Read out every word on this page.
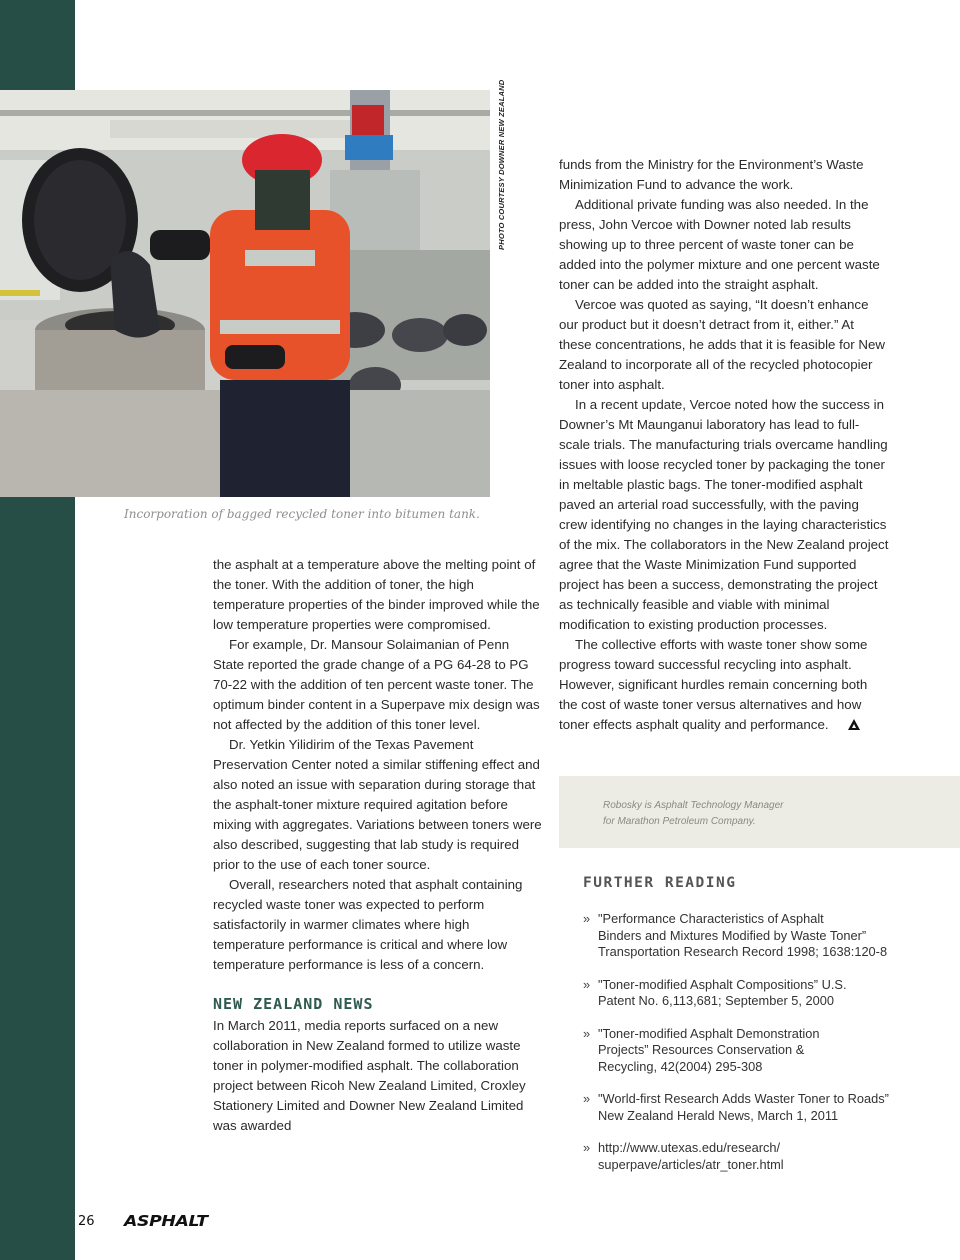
PHOTO COURTESY DOWNER NEW ZEALAND
Incorporation of bagged recycled toner into bitumen tank.

the asphalt at a temperature above the melting point of the toner. With the addition of toner, the high temperature properties of the binder improved while the low temperature properties were compromised.

For example, Dr. Mansour Solaimanian of Penn State reported the grade change of a PG 64-28 to PG 70-22 with the addition of ten percent waste toner. The optimum binder content in a Superpave mix design was not affected by the addition of this toner level.

Dr. Yetkin Yilidirim of the Texas Pavement Preservation Center noted a similar stiffening effect and also noted an issue with separation during storage that the asphalt-toner mixture required agitation before mixing with aggregates. Variations between toners were also described, suggesting that lab study is required prior to the use of each toner source.

Overall, researchers noted that asphalt containing recycled waste toner was expected to perform satisfactorily in warmer climates where high temperature performance is critical and where low temperature performance is less of a concern.

NEW ZEALAND NEWS

In March 2011, media reports surfaced on a new collaboration in New Zealand formed to utilize waste toner in polymer-modified asphalt. The collaboration project between Ricoh New Zealand Limited, Croxley Stationery Limited and Downer New Zealand Limited was awarded

funds from the Ministry for the Environment’s Waste Minimization Fund to advance the work.

Additional private funding was also needed. In the press, John Vercoe with Downer noted lab results showing up to three percent of waste toner can be added into the polymer mixture and one percent waste toner can be added into the straight asphalt.

Vercoe was quoted as saying, “It doesn’t enhance our product but it doesn’t detract from it, either.” At these concentrations, he adds that it is feasible for New Zealand to incorporate all of the recycled photocopier toner into asphalt.

In a recent update, Vercoe noted how the success in Downer’s Mt Maunganui laboratory has lead to full-scale trials. The manufacturing trials overcame handling issues with loose recycled toner by packaging the toner in meltable plastic bags. The toner-modified asphalt paved an arterial road successfully, with the paving crew identifying no changes in the laying characteristics of the mix. The collaborators in the New Zealand project agree that the Waste Minimization Fund supported project has been a success, demonstrating the project as technically feasible and viable with minimal modification to existing production processes.

The collective efforts with waste toner show some progress toward successful recycling into asphalt. However, significant hurdles remain concerning both the cost of waste toner versus alternatives and how toner effects asphalt quality and performance.

Robosky is Asphalt Technology Manager
for Marathon Petroleum Company.
FURTHER READING
» "Performance Characteristics of Asphalt
Binders and Mixtures Modified by Waste Toner”
Transportation Research Record 1998; 1638:120-8
» "Toner-modified Asphalt Compositions” U.S.
Patent No. 6,113,681; September 5, 2000
» "Toner-modified Asphalt Demonstration
Projects” Resources Conservation &
Recycling, 42(2004) 295-308
» "World-first Research Adds Waster Toner to Roads”
New Zealand Herald News, March 1, 2011
» http://www.utexas.edu/research/
superpave/articles/atr_toner.html
26 ASPHALT
